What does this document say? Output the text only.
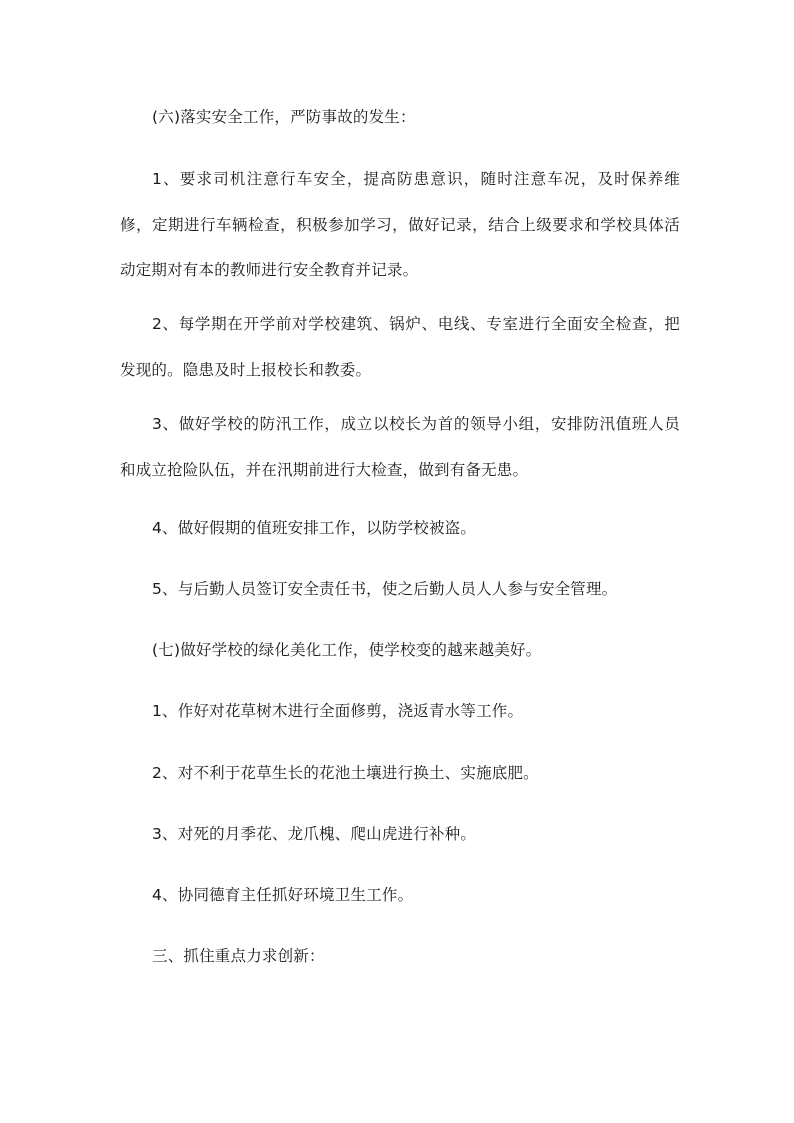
(六)落实安全工作，严防事故的发生：

1、要求司机注意行车安全，提高防患意识，随时注意车况，及时保养维修，定期进行车辆检查，积极参加学习，做好记录，结合上级要求和学校具体活动定期对有本的教师进行安全教育并记录。

2、每学期在开学前对学校建筑、锅炉、电线、专室进行全面安全检查，把发现的。隐患及时上报校长和教委。

3、做好学校的防汛工作，成立以校长为首的领导小组，安排防汛值班人员和成立抢险队伍，并在汛期前进行大检查，做到有备无患。

4、做好假期的值班安排工作，以防学校被盗。

5、与后勤人员签订安全责任书，使之后勤人员人人参与安全管理。

(七)做好学校的绿化美化工作，使学校变的越来越美好。

1、作好对花草树木进行全面修剪，浇返青水等工作。

2、对不利于花草生长的花池土壤进行换土、实施底肥。

3、对死的月季花、龙爪槐、爬山虎进行补种。

4、协同德育主任抓好环境卫生工作。

三、抓住重点力求创新：
